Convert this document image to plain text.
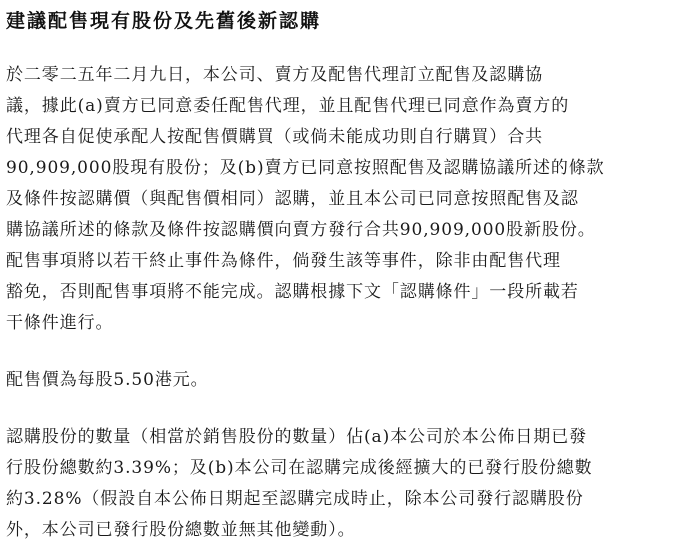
建議配售現有股份及先舊後新認購

於二零二五年二月九日，本公司、賣方及配售代理訂立配售及認購協
議，據此(a)賣方已同意委任配售代理，並且配售代理已同意作為賣方的
代理各自促使承配人按配售價購買（或倘未能成功則自行購買）合共
90,909,000股現有股份；及(b)賣方已同意按照配售及認購協議所述的條款
及條件按認購價（與配售價相同）認購，並且本公司已同意按照配售及認
購協議所述的條款及條件按認購價向賣方發行合共90,909,000股新股份。
配售事項將以若干終止事件為條件，倘發生該等事件，除非由配售代理
豁免，否則配售事項將不能完成。認購根據下文「認購條件」一段所載若
干條件進行。

配售價為每股5.50港元。

認購股份的數量（相當於銷售股份的數量）佔(a)本公司於本公佈日期已發
行股份總數約3.39%；及(b)本公司在認購完成後經擴大的已發行股份總數
約3.28%（假設自本公佈日期起至認購完成時止，除本公司發行認購股份
外，本公司已發行股份總數並無其他變動）。
